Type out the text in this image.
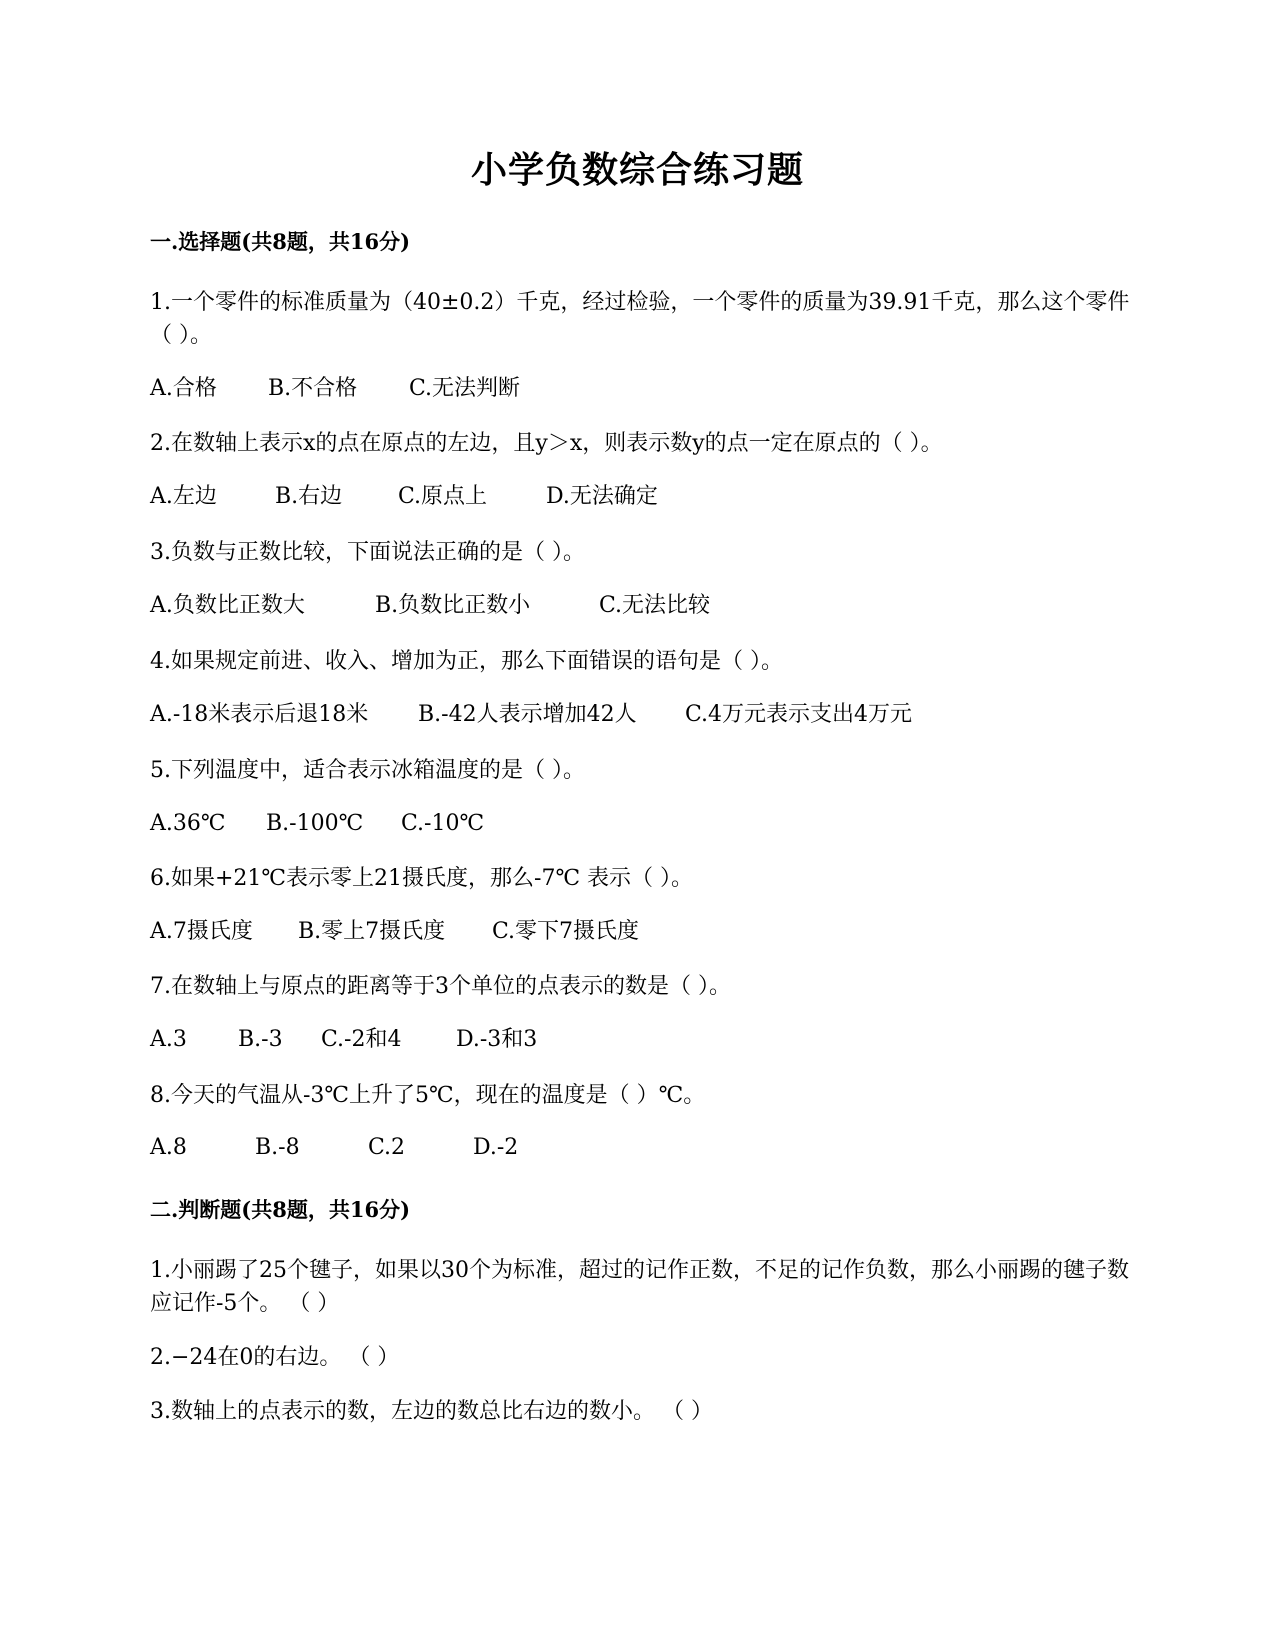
小学负数综合练习题
一.选择题(共8题，共16分)
1.一个零件的标准质量为（40±0.2）千克，经过检验，一个零件的质量为39.91千克，那么这个零件（ ）。
A.合格 B.不合格 C.无法判断
2.在数轴上表示x的点在原点的左边，且y＞x，则表示数y的点一定在原点的（ ）。
A.左边	B.右边	C.原点上	D.无法确定
3.负数与正数比较，下面说法正确的是（ ）。
A.负数比正数大	B.负数比正数小	C.无法比较
4.如果规定前进、收入、增加为正，那么下面错误的语句是（ ）。
A.-18米表示后退18米 B.-42人表示增加42人 C.4万元表示支出4万元
5.下列温度中，适合表示冰箱温度的是（ ）。
A.36℃ B.-100℃ C.-10℃
6.如果+21℃表示零上21摄氏度，那么-7℃ 表示（ ）。
A.7摄氏度 B.零上7摄氏度 C.零下7摄氏度
7.在数轴上与原点的距离等于3个单位的点表示的数是（ ）。
A.3 B.-3 C.-2和4 D.-3和3
8.今天的气温从-3℃上升了5℃，现在的温度是（ ）℃。
A.8	B.-8	C.2	D.-2
二.判断题(共8题，共16分)
1.小丽踢了25个毽子，如果以30个为标准，超过的记作正数，不足的记作负数，那么小丽踢的毽子数应记作-5个。 （ ）
2.−24在0的右边。 （ ）
3.数轴上的点表示的数，左边的数总比右边的数小。 （ ）
